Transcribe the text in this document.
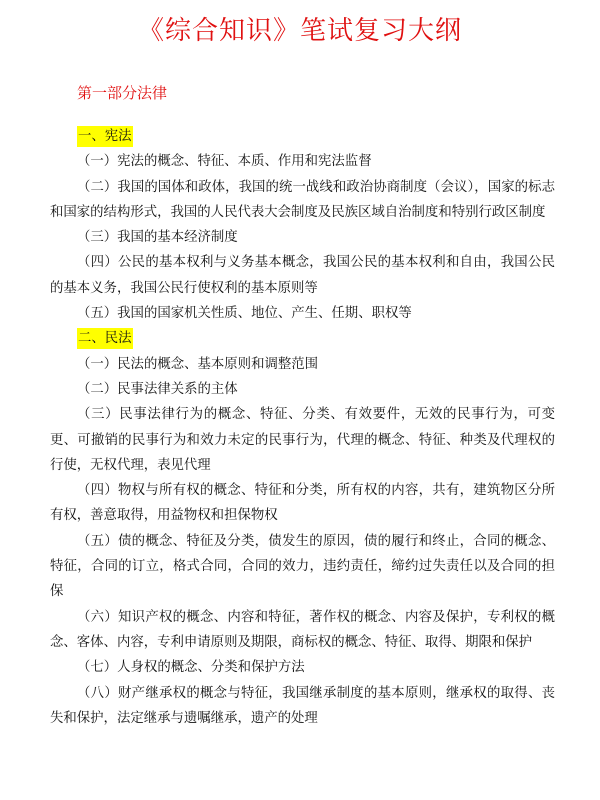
《综合知识》笔试复习大纲
第一部分法律

一、宪法

（一）宪法的概念、特征、本质、作用和宪法监督

（二）我国的国体和政体，我国的统一战线和政治协商制度（会议），国家的标志和国家的结构形式，我国的人民代表大会制度及民族区域自治制度和特别行政区制度

（三）我国的基本经济制度

（四）公民的基本权利与义务基本概念，我国公民的基本权利和自由，我国公民的基本义务，我国公民行使权利的基本原则等

（五）我国的国家机关性质、地位、产生、任期、职权等

二、民法

（一）民法的概念、基本原则和调整范围

（二）民事法律关系的主体

（三）民事法律行为的概念、特征、分类、有效要件，无效的民事行为，可变更、可撤销的民事行为和效力未定的民事行为，代理的概念、特征、种类及代理权的行使，无权代理，表见代理

（四）物权与所有权的概念、特征和分类，所有权的内容，共有，建筑物区分所有权，善意取得，用益物权和担保物权

（五）债的概念、特征及分类，债发生的原因，债的履行和终止，合同的概念、特征，合同的订立，格式合同，合同的效力，违约责任，缔约过失责任以及合同的担保

（六）知识产权的概念、内容和特征，著作权的概念、内容及保护，专利权的概念、客体、内容，专利申请原则及期限，商标权的概念、特征、取得、期限和保护

（七）人身权的概念、分类和保护方法

（八）财产继承权的概念与特征，我国继承制度的基本原则，继承权的取得、丧失和保护，法定继承与遗嘱继承，遗产的处理
